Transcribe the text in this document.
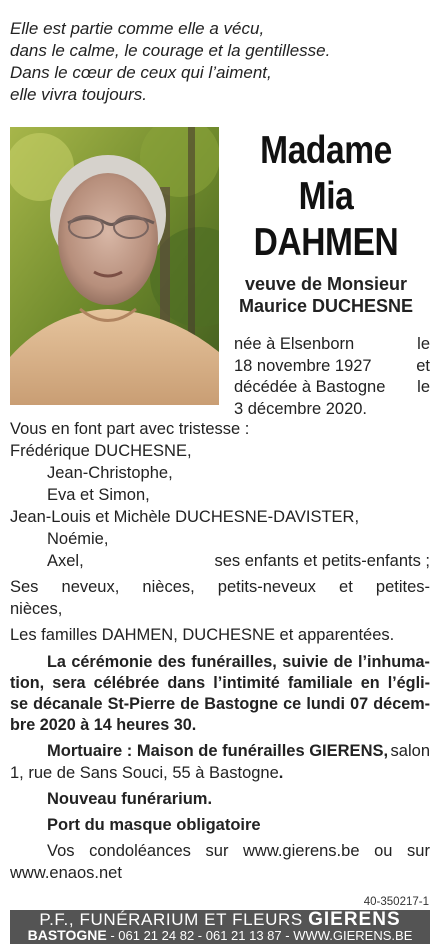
Elle est partie comme elle a vécu,
dans le calme, le courage et la gentillesse.
Dans le cœur de ceux qui l’aiment,
elle vivra toujours.
Madame
Mia
DAHMEN
veuve de Monsieur
Maurice DUCHESNE
née à Elsenborn	le
18 novembre 1927	et
décédée à Bastogne le
3 décembre 2020.
Vous en font part avec tristesse :
Frédérique DUCHESNE,
Jean-Christophe,
Eva et Simon,
Jean-Louis et Michèle DUCHESNE-DAVISTER,
Noémie,
Axel,	ses enfants et petits-enfants ;
Ses neveux, nièces, petits-neveux et petites-
nièces,
Les familles DAHMEN, DUCHESNE et apparentées.
La cérémonie des funérailles, suivie de l’inhuma-
tion, sera célébrée dans l’intimité familiale en l’égli-
se décanale St-Pierre de Bastogne ce lundi 07 décem-
bre 2020 à 14 heures 30.
Mortuaire : Maison de funérailles GIERENS, salon
1, rue de Sans Souci, 55 à Bastogne.
Nouveau funérarium.
Port du masque obligatoire
Vos condoléances sur www.gierens.be ou sur
www.enaos.net
40-350217-1
P.F., FUNÉRARIUM ET FLEURS GIERENS
BASTOGNE - 061 21 24 82 - 061 21 13 87 - WWW.GIERENS.BE
